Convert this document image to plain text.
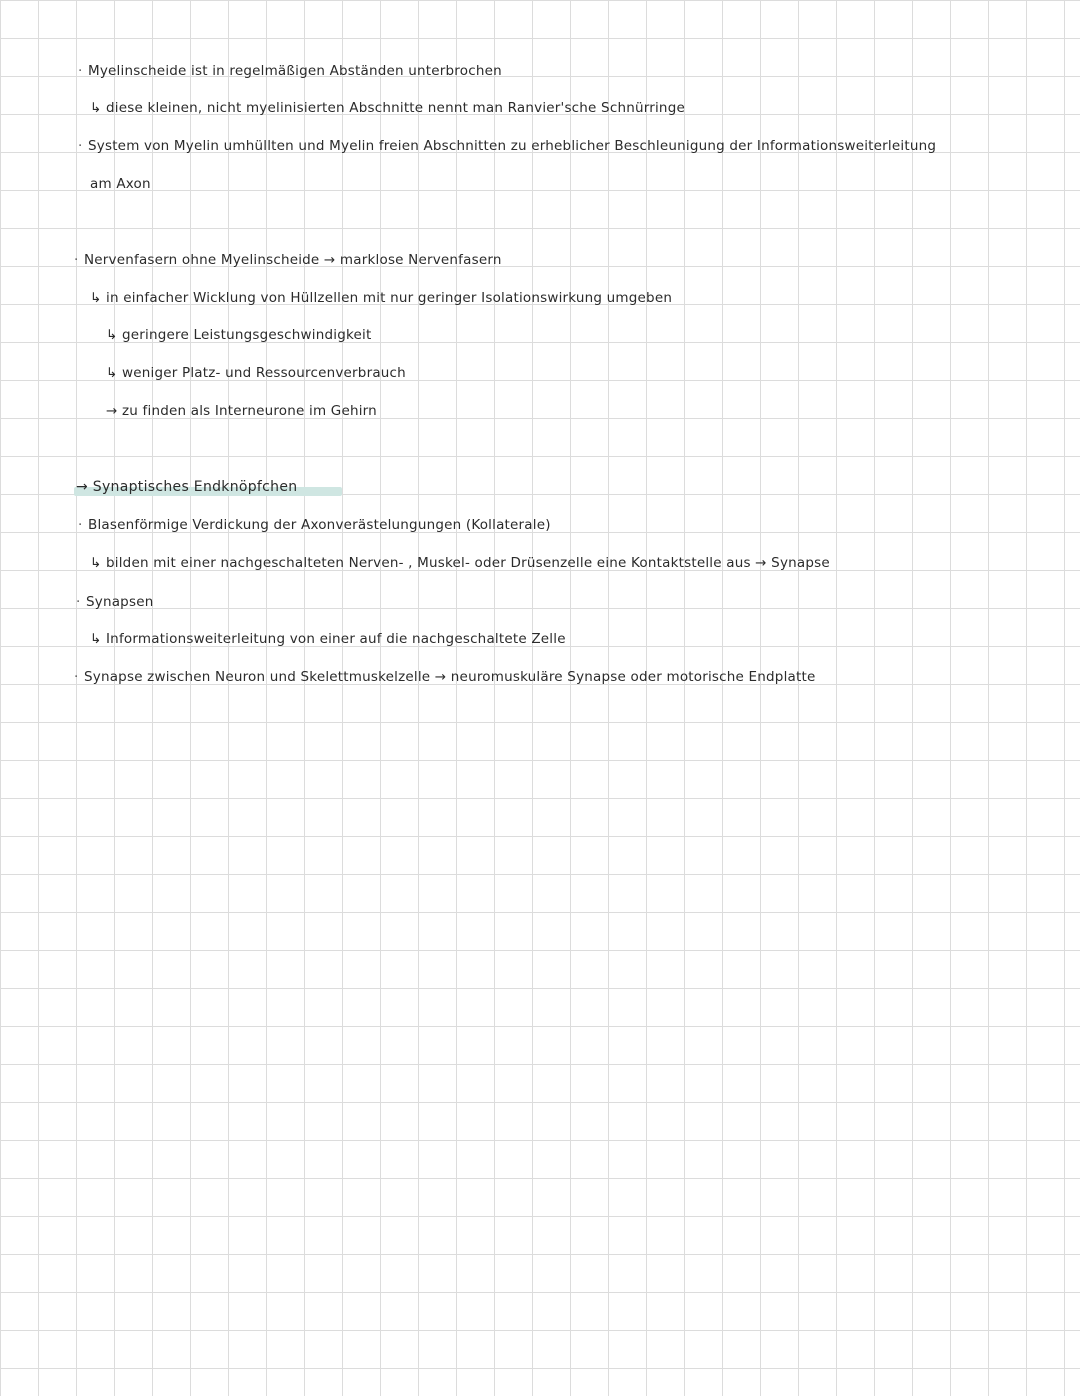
· Myelinscheide ist in regelmäßigen Abständen unterbrochen
↳ diese kleinen, nicht myelinisierten Abschnitte nennt man Ranvier'sche Schnürringe
· System von Myelin umhüllten und Myelin freien Abschnitten zu erheblicher Beschleunigung der Informationsweiterleitung
am Axon
· Nervenfasern ohne Myelinscheide → marklose Nervenfasern
↳ in einfacher Wicklung von Hüllzellen mit nur geringer Isolationswirkung umgeben
↳ geringere Leistungsgeschwindigkeit
↳ weniger Platz- und Ressourcenverbrauch
→ zu finden als Interneurone im Gehirn
→ Synaptisches Endknöpfchen
· Blasenförmige Verdickung der Axonverästelungungen (Kollaterale)
↳ bilden mit einer nachgeschalteten Nerven- , Muskel- oder Drüsenzelle eine Kontaktstelle aus → Synapse
· Synapsen
↳ Informationsweiterleitung von einer auf die nachgeschaltete Zelle
· Synapse zwischen Neuron und Skelettmuskelzelle → neuromuskuläre Synapse oder motorische Endplatte
